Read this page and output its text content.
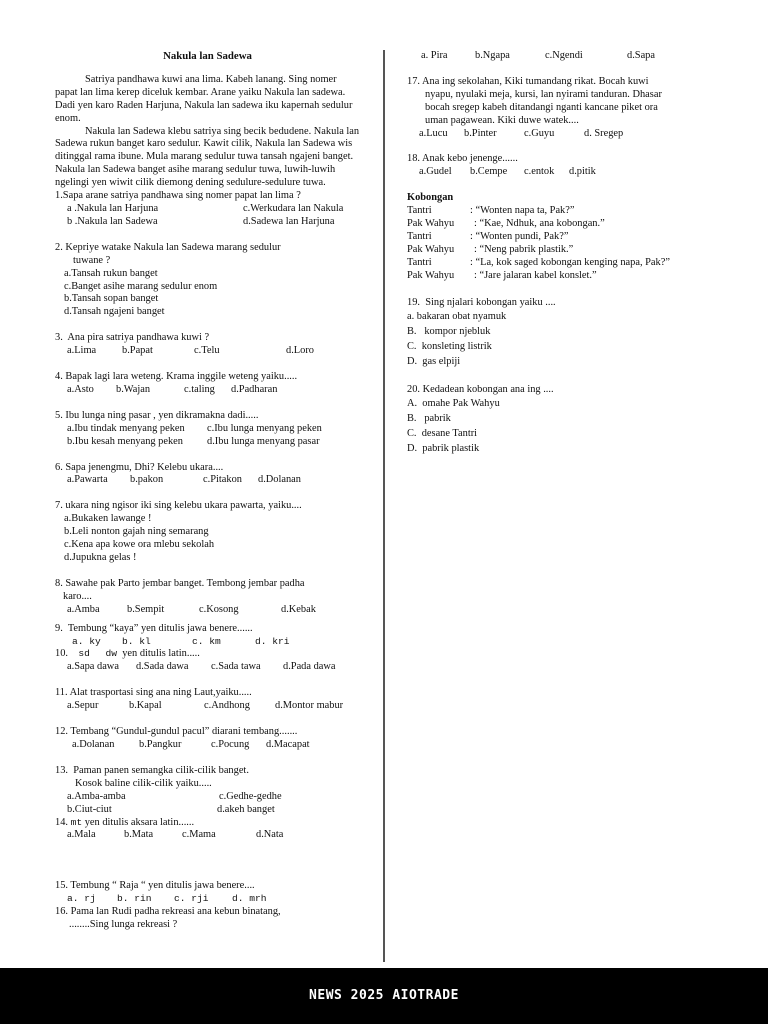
Nakula lan Sadewa

Satriya pandhawa kuwi ana lima. Kabeh lanang. Sing nomer papat lan lima kerep diceluk kembar. Arane yaiku Nakula lan sadewa. Dadi yen karo Raden Harjuna, Nakula lan sadewa iku kapernah sedulur enom.

Nakula lan Sadewa klebu satriya sing becik bedudene. Nakula lan Sadewa rukun banget karo sedulur. Kawit cilik, Nakula lan Sadewa wis ditinggal rama ibune. Mula marang sedulur tuwa tansah ngajeni banget. Nakula lan Sadewa banget asihe marang sedulur tuwa, luwih-luwih ngelingi yen wiwit cilik diemong dening sedulure-sedulure tuwa.

1.Sapa arane satriya pandhawa sing nomer papat lan lima ?
a .Nakula lan Harjuna	c.Werkudara lan Nakula
b .Nakula lan Sadewa	d.Sadewa lan Harjuna
2. Kepriye watake Nakula lan Sadewa marang sedulur
tuwane ?
a.Tansah rukun banget
c.Banget asihe marang sedulur enom
b.Tansah sopan banget
d.Tansah ngajeni banget
3. Ana pira satriya pandhawa kuwi ?
a.Lima b.Papat	c.Telu	d.Loro
4. Bapak lagi lara weteng. Krama inggile weteng yaiku.....
a.Asto b.Wajan	c.taling d.Padharan
5. Ibu lunga ning pasar , yen dikramakna dadi.....
a.Ibu tindak menyang peken c.Ibu lunga menyang peken
b.Ibu kesah menyang peken d.Ibu lunga menyang pasar
6. Sapa jenengmu, Dhi? Kelebu ukara....
a.Pawarta b.pakon	c.Pitakon d.Dolanan
7. ukara ning ngisor iki sing kelebu ukara pawarta, yaiku....
a.Bukaken lawange !
b.Leli nonton gajah ning semarang
c.Kena apa kowe ora mlebu sekolah
d.Jupukna gelas !
8. Sawahe pak Parto jembar banget. Tembong jembar padha
karo....
a.Amba	b.Sempit	c.Kosong	d.Kebak
9. Tembung “kaya” yen ditulis jawa benere......
a. ky b. kl	c. km	d. kri
10. sd dw yen ditulis latin.....
a.Sapa dawa d.Sada dawa c.Sada tawa d.Pada dawa
11. Alat trasportasi sing ana ning Laut,yaiku.....
a.Sepur	b.Kapal	c.Andhong d.Montor mabur
12. Tembang “Gundul-gundul pacul” diarani tembang.......
a.Dolanan b.Pangkur	c.Pocung d.Macapat
13. Paman panen semangka cilik-cilik banget.
Kosok baline cilik-cilik yaiku.....
a.Amba-amba	c.Gedhe-gedhe
b.Ciut-ciut	d.akeh banget
14. mt yen ditulis aksara latin......
a.Mala	b.Mata	c.Mama	d.Nata
15. Tembung “ Raja “ yen ditulis jawa benere....
a. rj b. rin c. rji d. mrh
16. Pama lan Rudi padha rekreasi ana kebun binatang,
........Sing lunga rekreasi ?
a. Pira	b.Ngapa	c.Ngendi	d.Sapa
17. Ana ing sekolahan, Kiki tumandang rikat. Bocah kuwi
nyapu, nyulaki meja, kursi, lan nyirami tanduran. Dhasar
bocah sregep kabeh ditandangi nganti kancane piket ora
uman pagawean. Kiki duwe watek....
a.Lucu b.Pinter	c.Guyu	d. Sregep
18. Anak kebo jenenge......
a.Gudel b.Cempe c.entok d.pitik
Kobongan
Tantri	: “Wonten napa ta, Pak?”
Pak Wahyu	: “Kae, Ndhuk, ana kobongan.”
Tantri	: “Wonten pundi, Pak?”
Pak Wahyu	: “Neng pabrik plastik.”
Tantri	: “La, kok saged kobongan kenging napa, Pak?”
Pak Wahyu	: “Jare jalaran kabel konslet.”
19. Sing njalari kobongan yaiku ....
a. bakaran obat nyamuk
B.   kompor njebluk
C.  konsleting listrik
D.  gas elpiji
20. Kedadean kobongan ana ing ....
A.  omahe Pak Wahyu
B.   pabrik
C.  desane Tantri
D.  pabrik plastik
NEWS 2025 AIOTRADE
